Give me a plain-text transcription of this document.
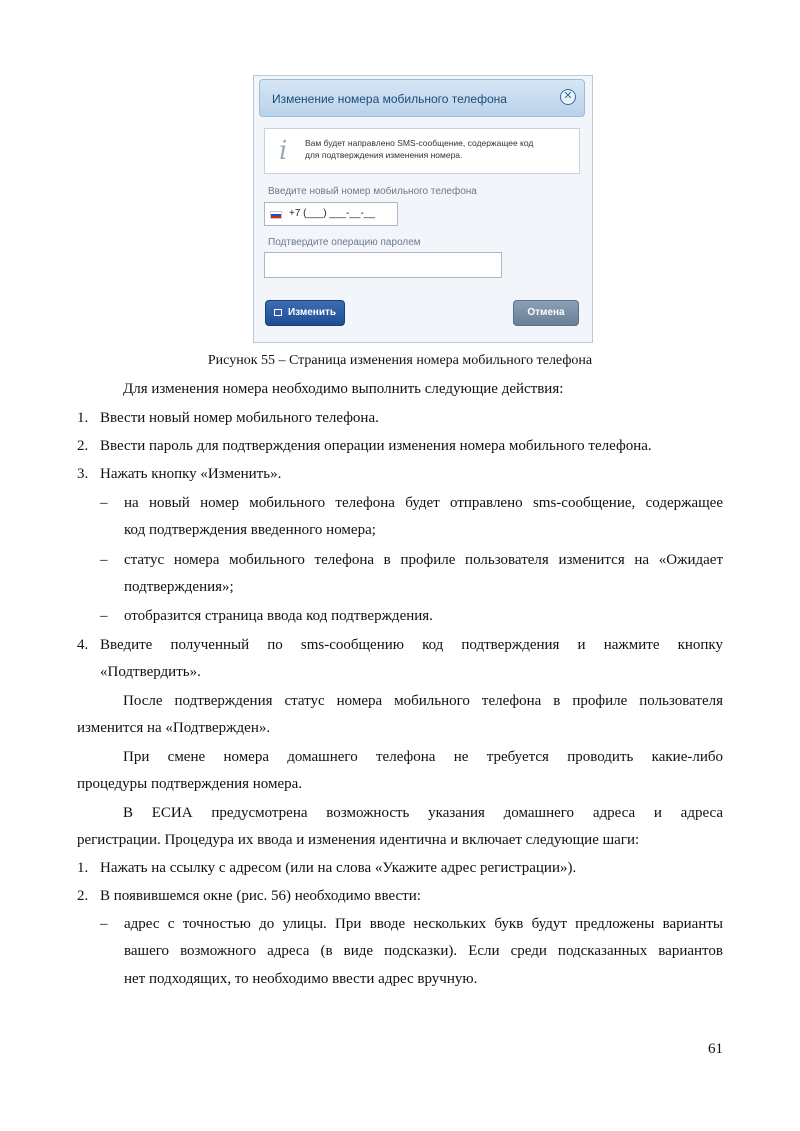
Изменение номера мобильного телефона	✕
i Вам будет направлено SMS-сообщение, содержащее код
для подтверждения изменения номера.
Введите новый номер мобильного телефона
+7 (___) ___-__-__
Подтвердите операцию паролем
Изменить	Отмена
Рисунок 55 – Страница изменения номера мобильного телефона
Для изменения номера необходимо выполнить следующие действия:
1. Ввести новый номер мобильного телефона.
2. Ввести пароль для подтверждения операции изменения номера мобильного телефона.
3. Нажать кнопку «Изменить».
– на новый номер мобильного телефона будет отправлено sms-сообщение, содержащее
код подтверждения введенного номера;
– статус номера мобильного телефона в профиле пользователя изменится на «Ожидает
подтверждения»;
– отобразится страница ввода код подтверждения.
4. Введите полученный по sms-сообщению код подтверждения и нажмите кнопку
«Подтвердить».
После подтверждения статус номера мобильного телефона в профиле пользователя
изменится на «Подтвержден».
При смене номера домашнего телефона не требуется проводить какие-либо
процедуры подтверждения номера.
В ЕСИА предусмотрена возможность указания домашнего адреса и адреса
регистрации. Процедура их ввода и изменения идентична и включает следующие шаги:
1. Нажать на ссылку с адресом (или на слова «Укажите адрес регистрации»).
2. В появившемся окне (рис. 56) необходимо ввести:
– адрес с точностью до улицы. При вводе нескольких букв будут предложены варианты
вашего возможного адреса (в виде подсказки). Если среди подсказанных вариантов
нет подходящих, то необходимо ввести адрес вручную.
61
